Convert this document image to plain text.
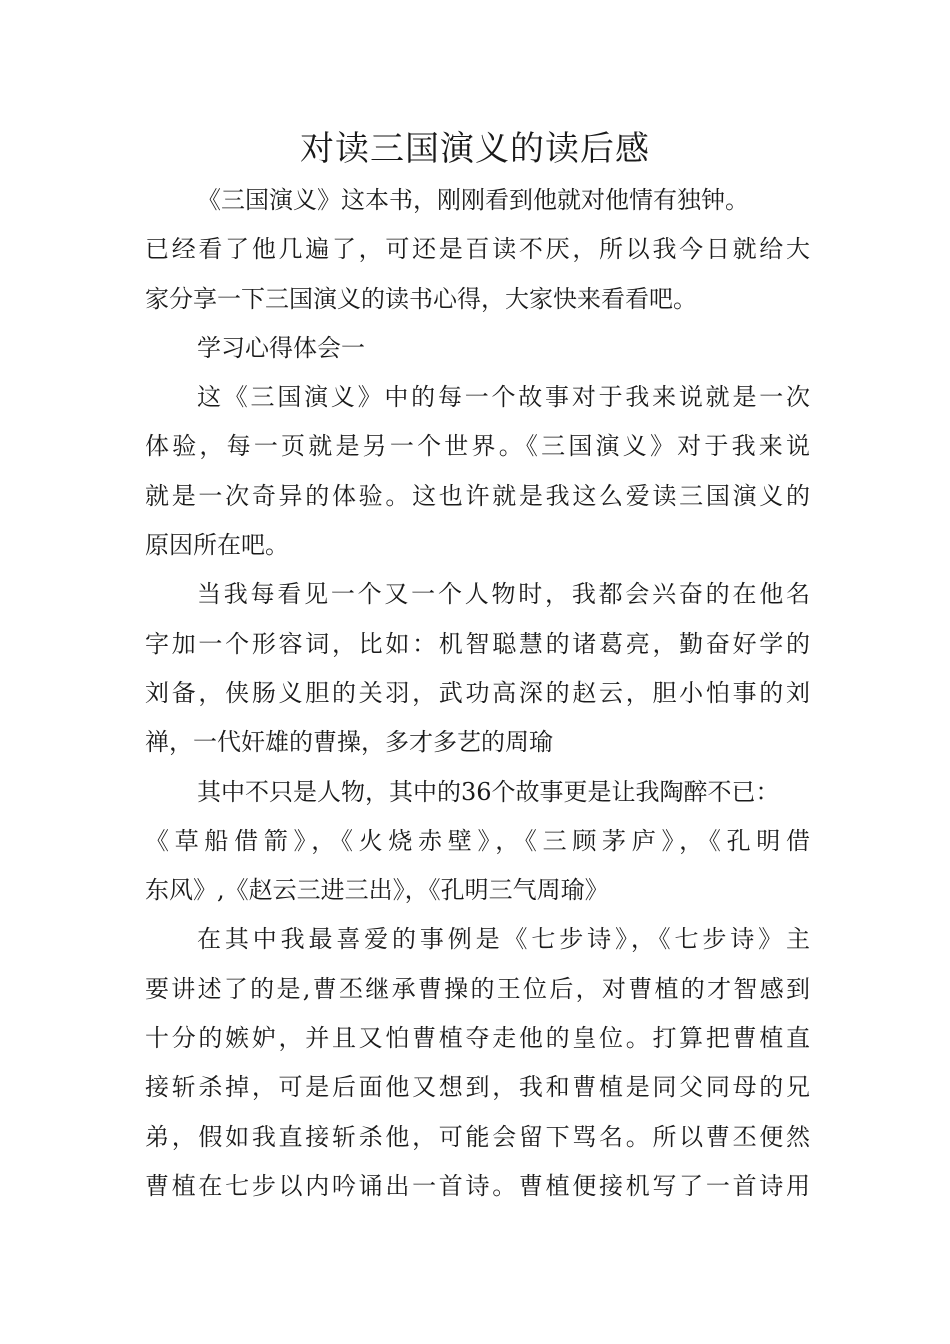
对读三国演义的读后感
《三国演义》这本书，刚刚看到他就对他情有独钟。
已经看了他几遍了，可还是百读不厌，所以我今日就给大
家分享一下三国演义的读书心得，大家快来看看吧。
学习心得体会一
这《三国演义》中的每一个故事对于我来说就是一次
体验，每一页就是另一个世界。《三国演义》对于我来说
就是一次奇异的体验。这也许就是我这么爱读三国演义的
原因所在吧。
当我每看见一个又一个人物时，我都会兴奋的在他名
字加一个形容词，比如：机智聪慧的诸葛亮，勤奋好学的
刘备，侠肠义胆的关羽，武功高深的赵云，胆小怕事的刘
禅，一代奸雄的曹操，多才多艺的周瑜
其中不只是人物，其中的36个故事更是让我陶醉不已：
《草船借箭》，《火烧赤壁》，《三顾茅庐》，《孔明借
东风》,《赵云三进三出》，《孔明三气周瑜》
在其中我最喜爱的事例是《七步诗》，《七步诗》主
要讲述了的是,曹丕继承曹操的王位后，对曹植的才智感到
十分的嫉妒，并且又怕曹植夺走他的皇位。打算把曹植直
接斩杀掉，可是后面他又想到，我和曹植是同父同母的兄
弟，假如我直接斩杀他，可能会留下骂名。所以曹丕便然
曹植在七步以内吟诵出一首诗。曹植便接机写了一首诗用
